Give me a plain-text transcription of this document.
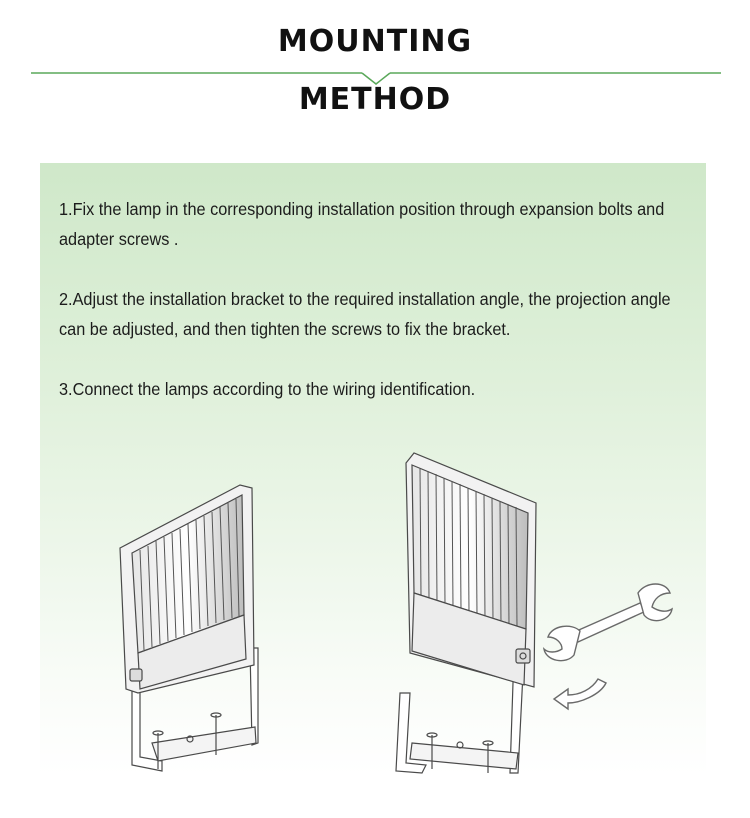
MOUNTING
METHOD
1.Fix the lamp in the corresponding installation position through expansion bolts and adapter screws .
2.Adjust the installation bracket to the required installation angle, the projection angle can be adjusted, and then tighten the screws to fix the bracket.
3.Connect the lamps according to the wiring identification.
